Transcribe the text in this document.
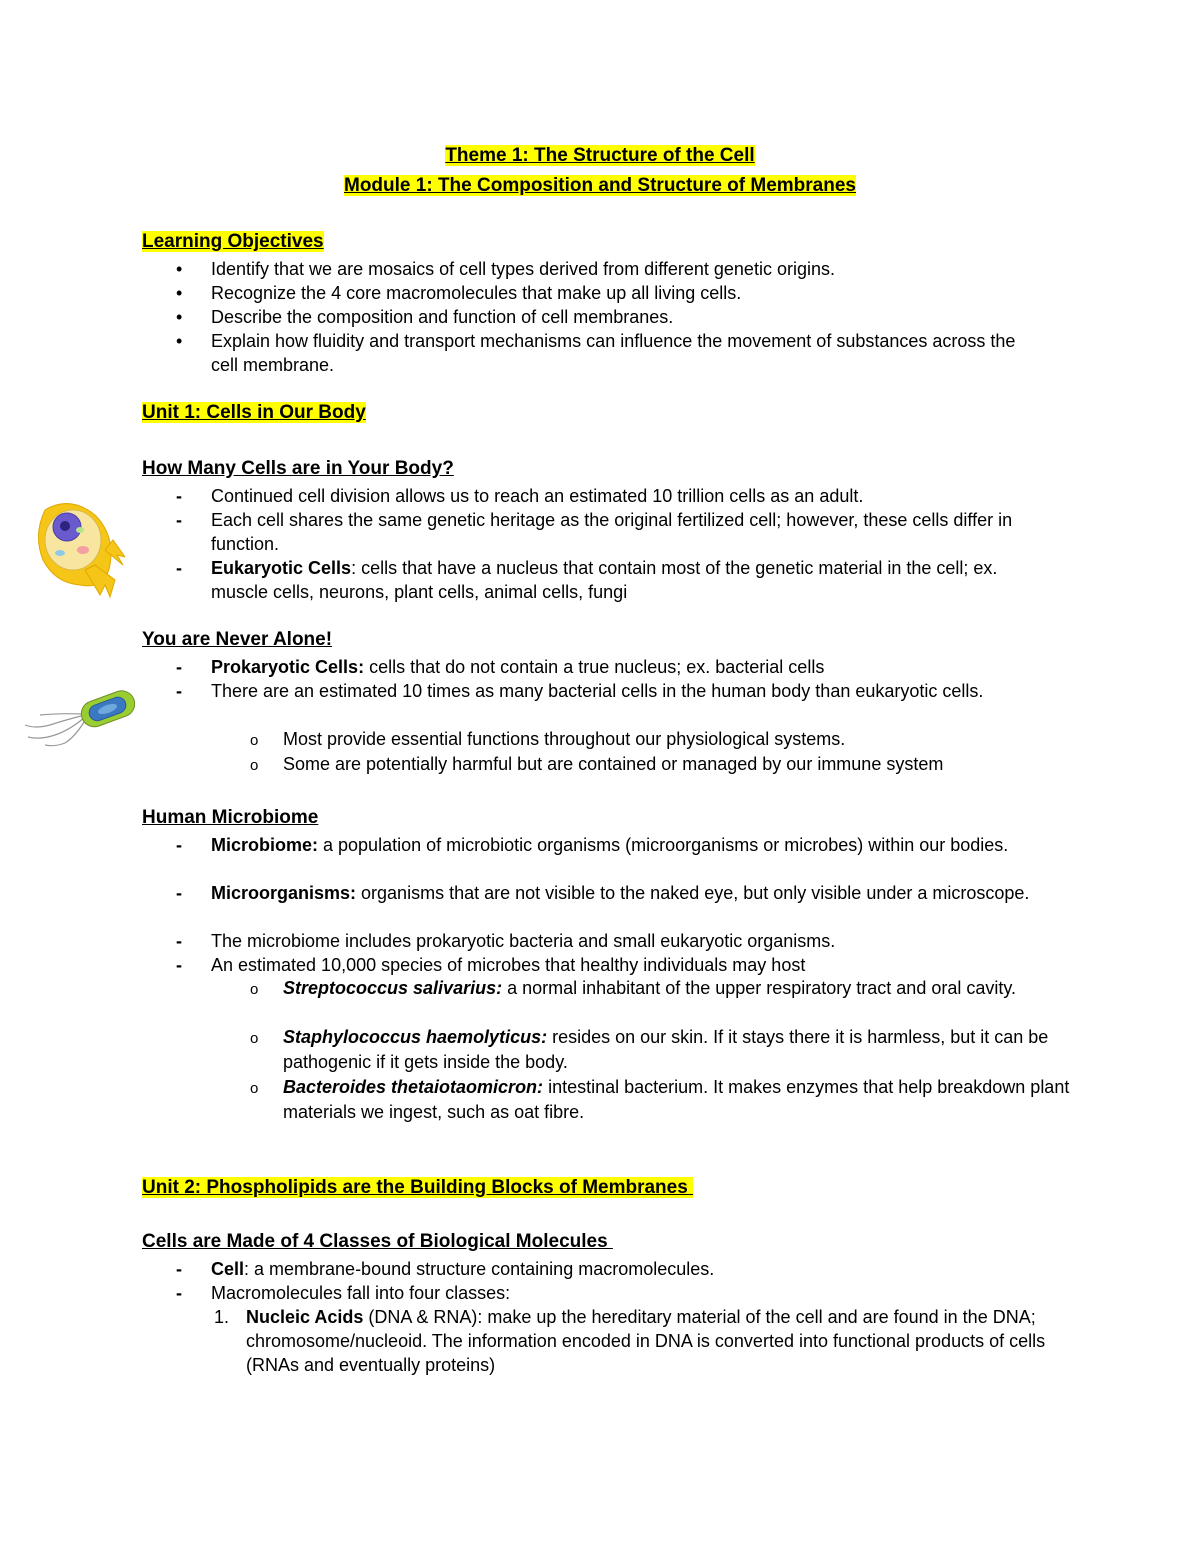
Theme 1: The Structure of the Cell
Module 1: The Composition and Structure of Membranes
Learning Objectives
•	Identify that we are mosaics of cell types derived from different genetic origins.
•	Recognize the 4 core macromolecules that make up all living cells.
•	Describe the composition and function of cell membranes.
•	Explain how fluidity and transport mechanisms can influence the movement of substances across the cell membrane.
Unit 1: Cells in Our Body
How Many Cells are in Your Body?
-	Continued cell division allows us to reach an estimated 10 trillion cells as an adult.
-	Each cell shares the same genetic heritage as the original fertilized cell; however, these cells differ in function.
-	Eukaryotic Cells: cells that have a nucleus that contain most of the genetic material in the cell; ex. muscle cells, neurons, plant cells, animal cells, fungi
You are Never Alone!
-	Prokaryotic Cells: cells that do not contain a true nucleus; ex. bacterial cells
-	There are an estimated 10 times as many bacterial cells in the human body than eukaryotic cells.
o	Most provide essential functions throughout our physiological systems.
o	Some are potentially harmful but are contained or managed by our immune system
Human Microbiome
-	Microbiome: a population of microbiotic organisms (microorganisms or microbes) within our bodies.
-	Microorganisms: organisms that are not visible to the naked eye, but only visible under a microscope.
-	The microbiome includes prokaryotic bacteria and small eukaryotic organisms.
-	An estimated 10,000 species of microbes that healthy individuals may host
o	Streptococcus salivarius: a normal inhabitant of the upper respiratory tract and oral cavity.
o	Staphylococcus haemolyticus: resides on our skin. If it stays there it is harmless, but it can be pathogenic if it gets inside the body.
o	Bacteroides thetaiotaomicron: intestinal bacterium. It makes enzymes that help breakdown plant materials we ingest, such as oat fibre.
Unit 2: Phospholipids are the Building Blocks of Membranes
Cells are Made of 4 Classes of Biological Molecules
-	Cell: a membrane-bound structure containing macromolecules.
-	Macromolecules fall into four classes:
1. Nucleic Acids (DNA & RNA): make up the hereditary material of the cell and are found in the DNA; chromosome/nucleoid. The information encoded in DNA is converted into functional products of cells (RNAs and eventually proteins)
